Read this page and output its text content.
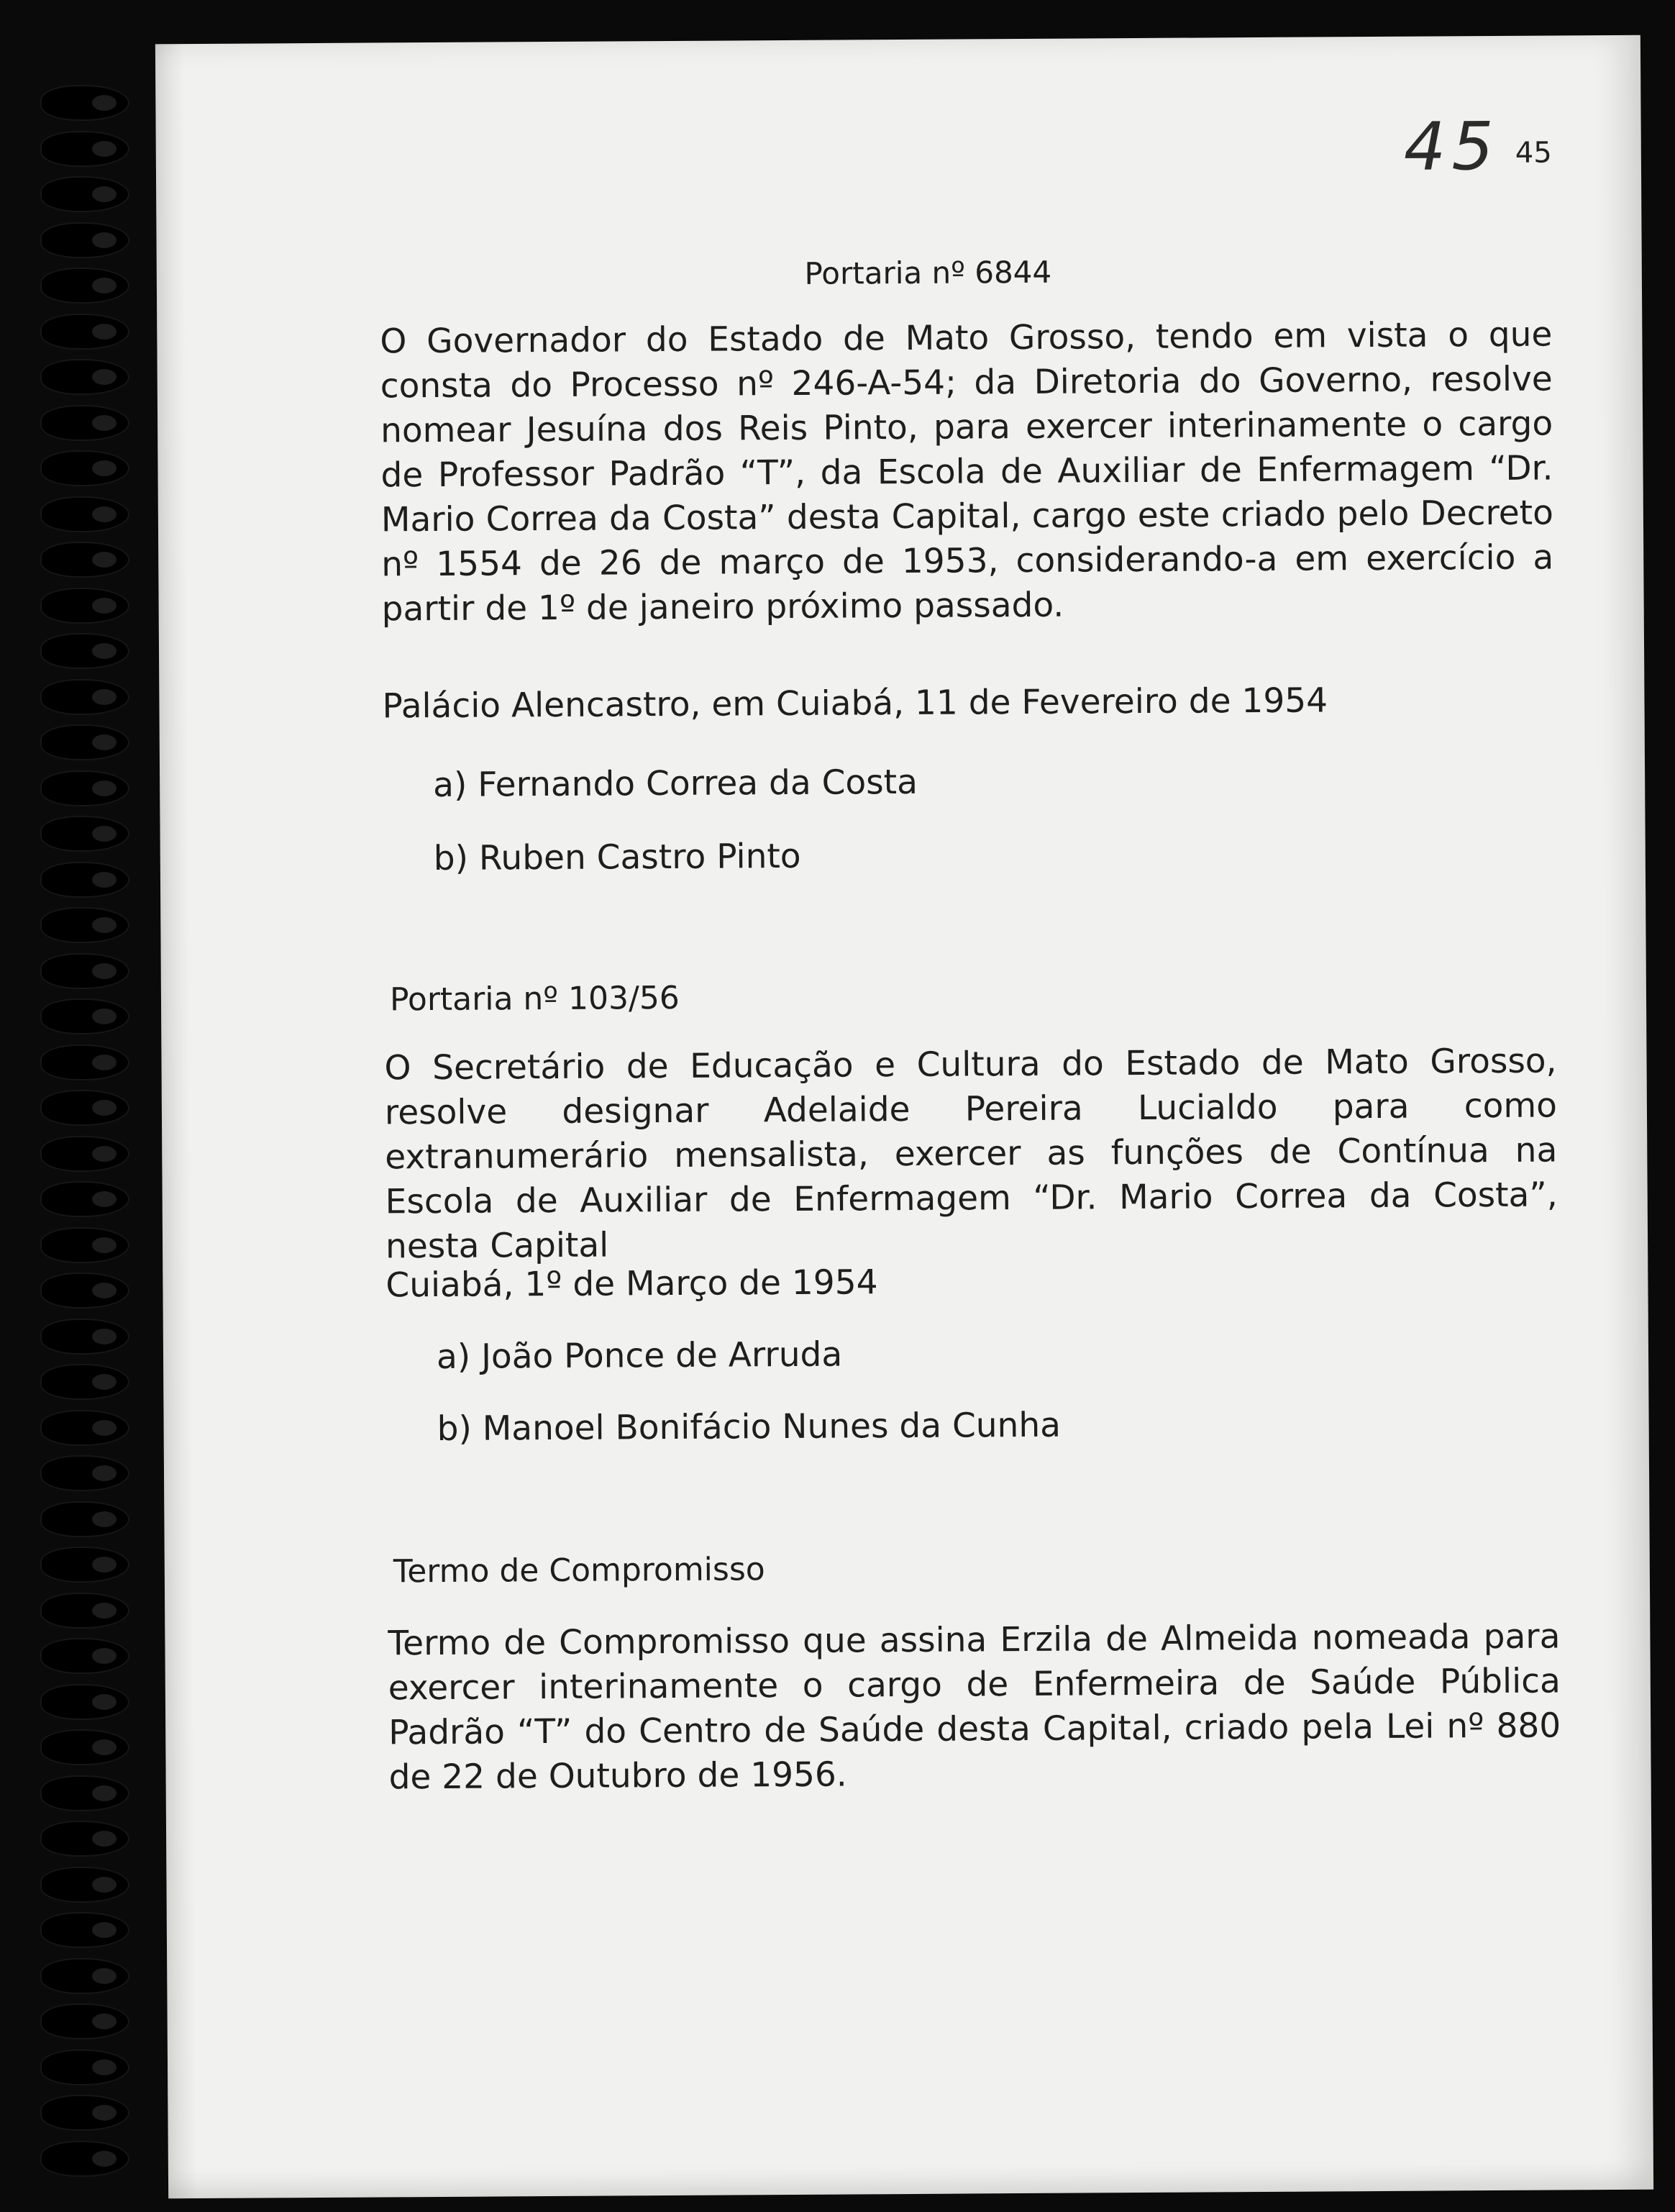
45 45
Portaria nº 6844
O Governador do Estado de Mato Grosso, tendo em vista o que consta do Processo nº 246-A-54; da Diretoria do Governo, resolve nomear Jesuína dos Reis Pinto, para exercer interinamente o cargo de Professor Padrão “T”, da Escola de Auxiliar de Enfermagem “Dr. Mario Correa da Costa” desta Capital, cargo este criado pelo Decreto nº 1554 de 26 de março de 1953, considerando-a em exercício a partir de 1º de janeiro próximo passado.
Palácio Alencastro, em Cuiabá, 11 de Fevereiro de 1954
a) Fernando Correa da Costa
b) Ruben Castro Pinto
Portaria nº 103/56
O Secretário de Educação e Cultura do Estado de Mato Grosso, resolve designar Adelaide Pereira Lucialdo para como extranumerário mensalista, exercer as funções de Contínua na Escola de Auxiliar de Enfermagem “Dr. Mario Correa da Costa”, nesta Capital
Cuiabá, 1º de Março de 1954
a) João Ponce de Arruda
b) Manoel Bonifácio Nunes da Cunha
Termo de Compromisso
Termo de Compromisso que assina Erzila de Almeida nomeada para exercer interinamente o cargo de Enfermeira de Saúde Pública Padrão “T” do Centro de Saúde desta Capital, criado pela Lei nº 880 de 22 de Outubro de 1956.
